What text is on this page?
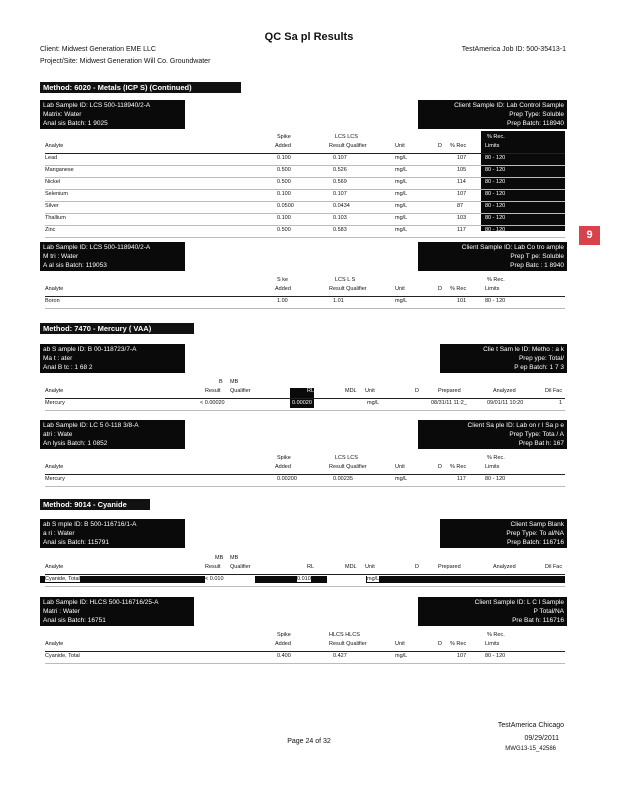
QC Sa pl Results
Client: Midwest Generation EME LLC
Project/Site: Midwest Generation Will Co. Groundwater
TestAmerica Job ID: 500-35413-1
9
Method: 6020 - Metals (ICP S) (Continued)
Lab Sample ID: LCS 500-118940/2-A
Matrix: Water
Anal sis Batch: 1 9025
Client Sample ID: Lab Control Sample
Prep Type: Soluble
Prep Batch: 118940
Spike	LCS LCS	% Rec.
Analyte	Added	Result Qualifier	Unit	D % Rec	Limits
Lead	0.100	0.107	mg/L	107	80 - 120
Manganese	0.500	0.526	mg/L	105	80 - 120
Nickel	0.500	0.569	mg/L	114	80 - 120
Selenium	0.100	0.107	mg/L	107	80 - 120
Silver	0.0500	0.0434	mg/L	87	80 - 120
Thallium	0.100	0.103	mg/L	103	80 - 120
Zinc	0.500	0.583	mg/L	117	80 - 120
Lab Sample ID: LCS 500-118940/2-A
M tri : Water
A al sis Batch: 119053
Client Sample ID: Lab Co tro ample
Prep T pe: Soluble
Prep Batc : 1 8940
S ke	LCS L S	% Rec.
Analyte	Added	Result Qualifier	Unit	D % Rec	Limits
Boron	1.00	1.01	mg/L	101	80 - 120
Method: 7470 - Mercury ( VAA)
ab S ample ID: B 00-118723/7-A
Ma t : ater
Anal B tc : 1 68 2
Clie t Sam le ID: Metho : a k
Prep ype: Total/
P ep Batch: 1 7 3
B MB
Analyte	Result Qualifier	RL	MDL Unit	D	Prepared	Analyzed	Dil Fac
Mercury	< 0.00020	0.00020	mg/L	08/31/11 11:2_	09/01/11 10:20	1
Lab Sample ID: LC 5 0-118 3/8-A
atri : Wate
An lysis Batch: 1 0852
Client Sa ple ID: Lab on r l Sa p e
Prep Type: Tota / A
Prep Bat h: 167
Spike	LCS LCS	% Rec.
Analyte	Added	Result Qualifier	Unit	D % Rec	Limits
Mercury	0.00200	0.00235	mg/L	117	80 - 120
Method: 9014 - Cyanide
ab S mple ID: B 500-116716/1-A
a ri : Water
Anal sis Batch: 115791
Client Samp Blank
Prep Type: To al/NA
Prep Batch: 116716
MB MB
Analyte	Result Qualifier	RL	MDL Unit	D	Prepared	Analyzed	Dil Fac
Cyanide, Total	< 0.010	0.010	mg/L
Lab Sample ID: HLCS 500-116716/25-A
Matri : Water
Anal sis Batch: 16751
Client Sample ID: L C l Sample
P Total/NA
Pre Bat h: 116716
Spike	HLCS HLCS	% Rec.
Analyte	Added	Result Qualifier	Unit	D % Rec	Limits
Cyanide, Total	0.400	0.427	mg/L	107	80 - 120
Page 24 of 32
TestAmerica Chicago
09/29/2011
MWG13-15_42586
